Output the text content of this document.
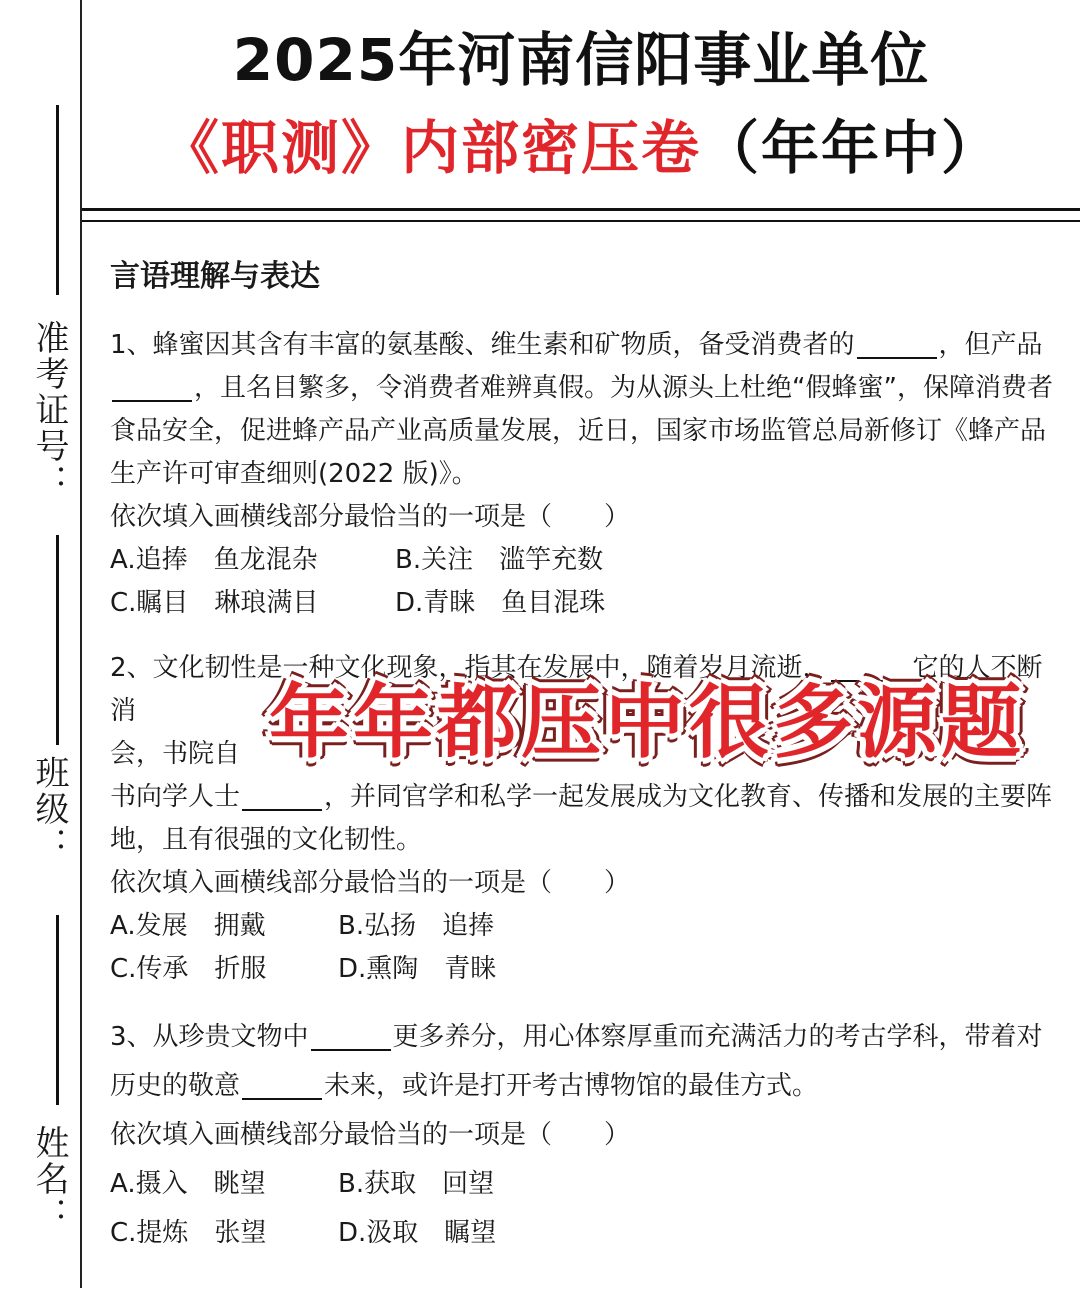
准考证号：
班级：
姓名：
2025年河南信阳事业单位
《职测》内部密压卷（年年中）
言语理解与表达

1、蜂蜜因其含有丰富的氨基酸、维生素和矿物质，备受消费者的	，但产品，且名目繁多，令消费者难辨真假。为从源头上杜绝“假蜂蜜”，保障消费者食品安全，促进蜂产品产业高质量发展，近日，国家市场监管总局新修订《蜂产品生产许可审查细则(2022 版)》。

依次填入画横线部分最恰当的一项是（　　）

A.追捧　鱼龙混杂	B.关注　滥竽充数
C.瞩目　琳琅满目	D.青睐　鱼目混珠

2、文化韧性是一种文化现象，指其在发展中，随着岁月流逝，	它的人不断消
会，书院自
书向学人士	，并同官学和私学一起发展成为文化教育、传播和发展的主要阵地，且有很强的文化韧性。

依次填入画横线部分最恰当的一项是（　　）

A.发展　拥戴	B.弘扬　追捧
C.传承　折服	D.熏陶　青睐

3、从珍贵文物中	更多养分，用心体察厚重而充满活力的考古学科，带着对历史的敬意	未来，或许是打开考古博物馆的最佳方式。

依次填入画横线部分最恰当的一项是（　　）

A.摄入　眺望	B.获取　回望
C.提炼　张望	D.汲取　瞩望
年年都压中很多源题
